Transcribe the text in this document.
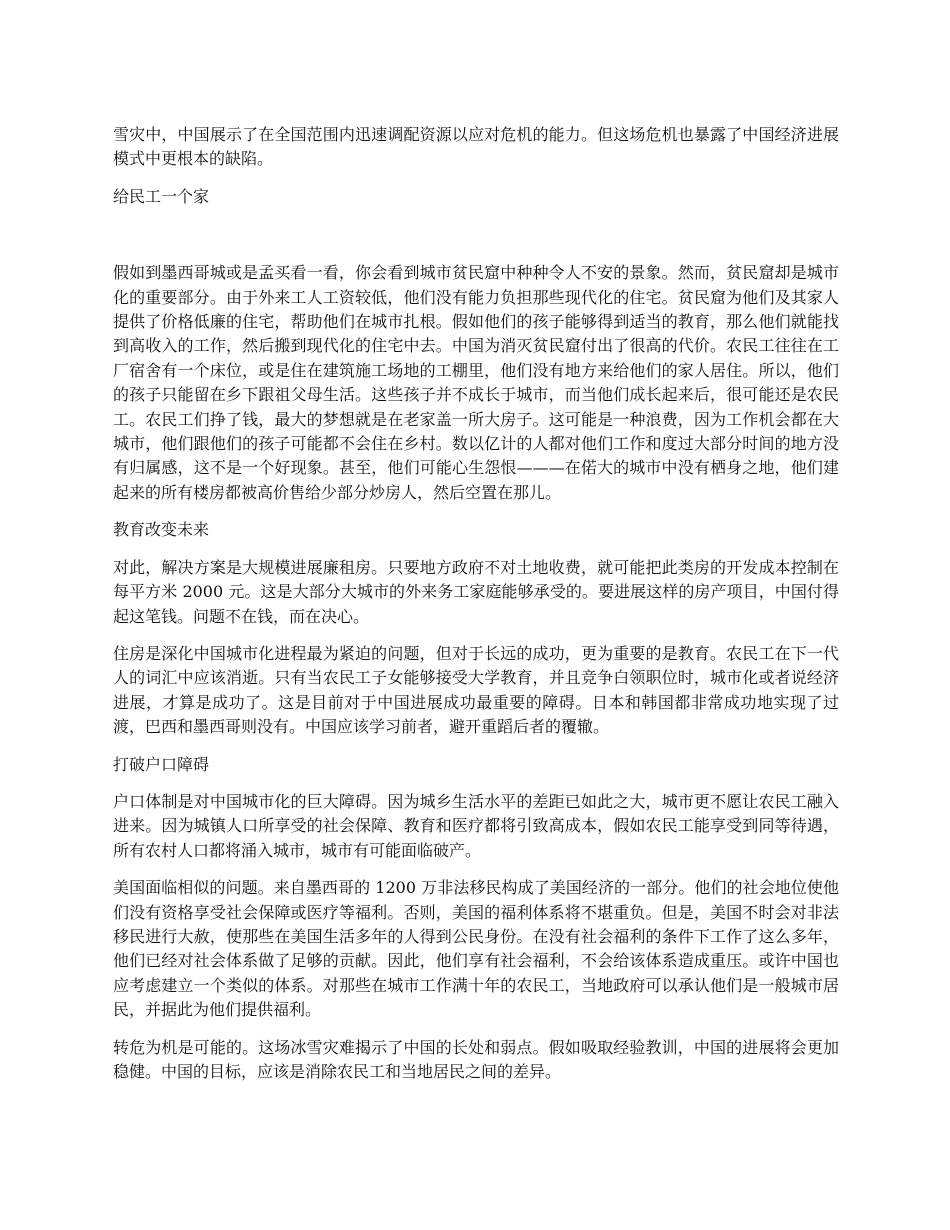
雪灾中，中国展示了在全国范围内迅速调配资源以应对危机的能力。但这场危机也暴露了中国经济进展模式中更根本的缺陷。

给民工一个家

假如到墨西哥城或是孟买看一看，你会看到城市贫民窟中种种令人不安的景象。然而，贫民窟却是城市化的重要部分。由于外来工人工资较低，他们没有能力负担那些现代化的住宅。贫民窟为他们及其家人提供了价格低廉的住宅，帮助他们在城市扎根。假如他们的孩子能够得到适当的教育，那么他们就能找到高收入的工作，然后搬到现代化的住宅中去。中国为消灭贫民窟付出了很高的代价。农民工往往在工厂宿舍有一个床位，或是住在建筑施工场地的工棚里，他们没有地方来给他们的家人居住。所以，他们的孩子只能留在乡下跟祖父母生活。这些孩子并不成长于城市，而当他们成长起来后，很可能还是农民工。农民工们挣了钱，最大的梦想就是在老家盖一所大房子。这可能是一种浪费，因为工作机会都在大城市，他们跟他们的孩子可能都不会住在乡村。数以亿计的人都对他们工作和度过大部分时间的地方没有归属感，这不是一个好现象。甚至，他们可能心生怨恨———在偌大的城市中没有栖身之地，他们建起来的所有楼房都被高价售给少部分炒房人，然后空置在那儿。

教育改变未来

对此，解决方案是大规模进展廉租房。只要地方政府不对土地收费，就可能把此类房的开发成本控制在每平方米 2000 元。这是大部分大城市的外来务工家庭能够承受的。要进展这样的房产项目，中国付得起这笔钱。问题不在钱，而在决心。

住房是深化中国城市化进程最为紧迫的问题，但对于长远的成功，更为重要的是教育。农民工在下一代人的词汇中应该消逝。只有当农民工子女能够接受大学教育，并且竞争白领职位时，城市化或者说经济进展，才算是成功了。这是目前对于中国进展成功最重要的障碍。日本和韩国都非常成功地实现了过渡，巴西和墨西哥则没有。中国应该学习前者，避开重蹈后者的覆辙。

打破户口障碍

户口体制是对中国城市化的巨大障碍。因为城乡生活水平的差距已如此之大，城市更不愿让农民工融入进来。因为城镇人口所享受的社会保障、教育和医疗都将引致高成本，假如农民工能享受到同等待遇，所有农村人口都将涌入城市，城市有可能面临破产。

美国面临相似的问题。来自墨西哥的 1200 万非法移民构成了美国经济的一部分。他们的社会地位使他们没有资格享受社会保障或医疗等福利。否则，美国的福利体系将不堪重负。但是，美国不时会对非法移民进行大赦，使那些在美国生活多年的人得到公民身份。在没有社会福利的条件下工作了这么多年，他们已经对社会体系做了足够的贡献。因此，他们享有社会福利，不会给该体系造成重压。或许中国也应考虑建立一个类似的体系。对那些在城市工作满十年的农民工，当地政府可以承认他们是一般城市居民，并据此为他们提供福利。

转危为机是可能的。这场冰雪灾难揭示了中国的长处和弱点。假如吸取经验教训，中国的进展将会更加稳健。中国的目标，应该是消除农民工和当地居民之间的差异。
